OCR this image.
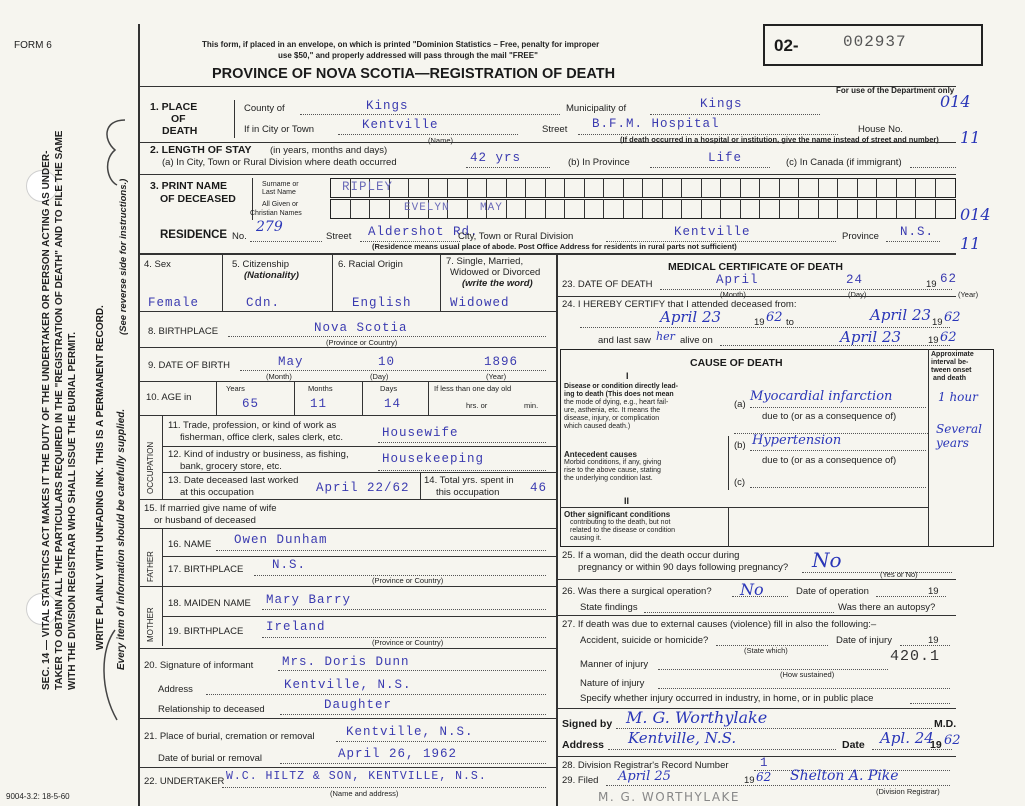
SEC. 14 — VITAL STATISTICS ACT MAKES IT THE DUTY OF THE UNDERTAKER OR PERSON ACTING AS UNDER- TAKER TO OBTAIN ALL THE PARTICULARS REQUIRED IN THE "REGISTRATION OF DEATH" AND TO FILE THE SAME WITH THE DIVISION REGISTRAR WHO SHALL ISSUE THE BURIAL PERMIT. WRITE PLAINLY WITH UNFADING INK. THIS IS A PERMANENT RECORD.
(See reverse side for instructions.)
Every item of information should be carefully supplied.
FORM 6	This form, if placed in an envelope, on which is printed "Dominion Statistics – Free, penalty for improper
use $50," and properly addressed will pass through the mail "FREE"
PROVINCE OF NOVA SCOTIA—REGISTRATION OF DEATH
02-	002937
For use of the Department only
014
11
014
11
1. PLACE
OF
DEATH
County of	Kings	Municipality of	Kings
If in City or Town	Kentville
(Name)
Street B.F.M. Hospital	House No.
(If death occurred in a hospital or institution, give the name instead of street and number)
2. LENGTH OF STAY (in years, months and days)
(a) In City, Town or Rural Division where death occurred	42 yrs	(b) In Province	Life	(c) In Canada (if immigrant)
3. PRINT NAME
OF DECEASED
Surname or
Last Name
All Given or
Christian Names
RIPLEY
EVELYN    MAY
RESIDENCE No.
279
Street Aldershot Rd.
City, Town or Rural Division	Kentville	Province N.S.
(Residence means usual place of abode. Post Office Address for residents in rural parts not sufficient)
4. Sex
Female
5. Citizenship
(Nationality)
Cdn.
6. Racial Origin
English
7. Single, Married,
Widowed or Divorced
(write the word)
Widowed
8. BIRTHPLACE	Nova Scotia
(Province or Country)
9. DATE OF BIRTH	May	10	1896
(Month)	(Day)	(Year)
10. AGE in
Years	Months	Days
65	11	14
If less than one day old
hrs. or	min.
OCCUPATION
11. Trade, profession, or kind of work as
fisherman, office clerk, sales clerk, etc.	Housewife
12. Kind of industry or business, as fishing,
bank, grocery store, etc.
Housekeeping
13. Date deceased last worked
at this occupation	April 22/62
14. Total yrs. spent in
this occupation 46
15. If married give name of wife
or husband of deceased
FATHER
16. NAME Owen Dunham
17. BIRTHPLACE N.S.
(Province or Country)
MOTHER
18. MAIDEN NAME Mary Barry
19. BIRTHPLACE Ireland
(Province or Country)
20. Signature of informant Mrs. Doris Dunn
Address	Kentville, N.S.
Relationship to deceased	Daughter
21. Place of burial, cremation or removal	Kentville, N.S.
Date of burial or removal	April 26, 1962
22. UNDERTAKER W.C. HILTZ & SON, KENTVILLE, N.S.
(Name and address)
9004-3.2: 18-5-60	M. G. WORTHYLAKE
MEDICAL CERTIFICATE OF DEATH
23. DATE OF DEATH	April	24	19 62
(Month)	(Day)	(Year)
24. I HEREBY CERTIFY that I attended deceased from:
April 23	19 62 to	April 23 19 62
and last saw her alive on	April 23	19 62
CAUSE OF DEATH
Approximate
interval be-
tween onset
and death
I
Disease or condition directly lead-
ing to death (This does not mean
the mode of dying, e.g., heart fail-
ure, asthenia, etc. It means the
disease, injury, or complication
which caused death.)
(a)
Myocardial infarction	1 hour
due to (or as a consequence of)
Antecedent causes
Morbid conditions, if any, giving
rise to the above cause, stating
the underlying condition last.
(b) Hypertension
Several years
due to (or as a consequence of)
(c)
II
Other significant conditions
contributing to the death, but not
related to the disease or condition
causing it.
25. If a woman, did the death occur during
pregnancy or within 90 days following pregnancy? No
(Yes or No)
26. Was there a surgical operation? No	Date of operation	19
State findings	Was there an autopsy?
27. If death was due to external causes (violence) fill in also the following:–
Accident, suicide or homicide?	Date of injury	19
(State which)
Manner of injury	420.1
(How sustained)
Nature of injury
Specify whether injury occurred in industry, in home, or in public place
Signed by M. G. Worthylake	M.D.
Address Kentville, N.S.	Date Apl. 24
19 62
28. Division Registrar's Record Number	1
29. Filed April 25	19 62 Shelton A. Pike
(Division Registrar)
